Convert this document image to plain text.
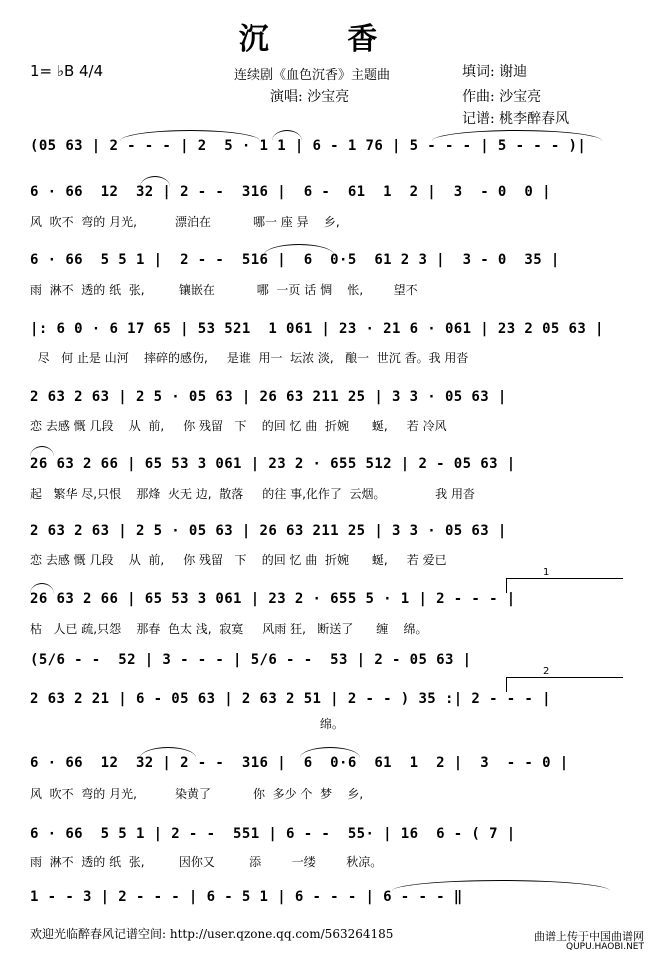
沉 香
1= ♭B 4/4	连续剧《血色沉香》主题曲	填词: 谢迪
演唱: 沙宝亮	作曲: 沙宝亮
记谱: 桃李醉春风
(05 63 | 2 - - - | 2  5 · 1 1 | 6 - 1 76 | 5 - - - | 5 - - - )|
6 · 66  12  32 | 2 - -  316 |  6 -  61  1  2 |  3  - 0  0 |
风  吹不  弯的 月光,          漂泊在           哪一 座 异    乡,
6 · 66  5 5 1 |  2 - -  516 |  6  0·5  61 2 3 |  3 - 0  35 |
雨  淋不  透的 纸  张,         镶嵌在           哪  一页 话 惆    怅,        望不
|: 6 0 · 6 17 65 | 53 521  1 061 | 23 · 21 6 · 061 | 23 2 05 63 |
尽   何 止是 山河    摔碎的感伤,     是谁  用一  坛浓 淡,   酿一  世沉 香。我 用沓
2 63 2 63 | 2 5 · 05 63 | 26 63 211 25 | 3 3 · 05 63 |
恋 去感 慨 几段    从  前,     你 残留   下    的回 忆 曲  折婉      蜒,     若 冷风
26 63 2 66 | 65 53 3 061 | 23 2 · 655 512 | 2 - 05 63 |
起   繁华 尽,只恨    那烽  火无 边,  散落     的往 事,化作了  云烟。             我 用沓
2 63 2 63 | 2 5 · 05 63 | 26 63 211 25 | 3 3 · 05 63 |
恋 去感 慨 几段    从  前,     你 残留   下    的回 忆 曲  折婉      蜒,     若 爱已
26 63 2 66 | 65 53 3 061 | 23 2 · 655 5 · 1 | 2 - - - |
枯   人已 疏,只怨    那春  色太 浅,  寂寞     风雨 狂,   断送了      缠    绵。
(5/6 - -  52 | 3 - - - | 5/6 - -  53 | 2 - 05 63 |
2 63 2 21 | 6 - 05 63 | 2 63 2 51 | 2 - - ) 35 :| 2 - - - |
绵。
6 · 66  12  32 | 2 - -  316 |  6  0·6  61  1  2 |  3  - - 0 |
风  吹不  弯的 月光,          染黄了           你  多少 个  梦    乡,
6 · 66  5 5 1 | 2 - -  551 | 6 - -  55· | 16  6 - ( 7 |
雨  淋不  透的 纸  张,         因你又         添        一缕        秋凉。
1 - - 3 | 2 - - - | 6 - 5 1 | 6 - - - | 6 - - - ‖
1
2
欢迎光临醉春风记谱空间: http://user.qzone.qq.com/563264185	曲谱上传于中国曲谱网
QUPU.HAOBI.NET
